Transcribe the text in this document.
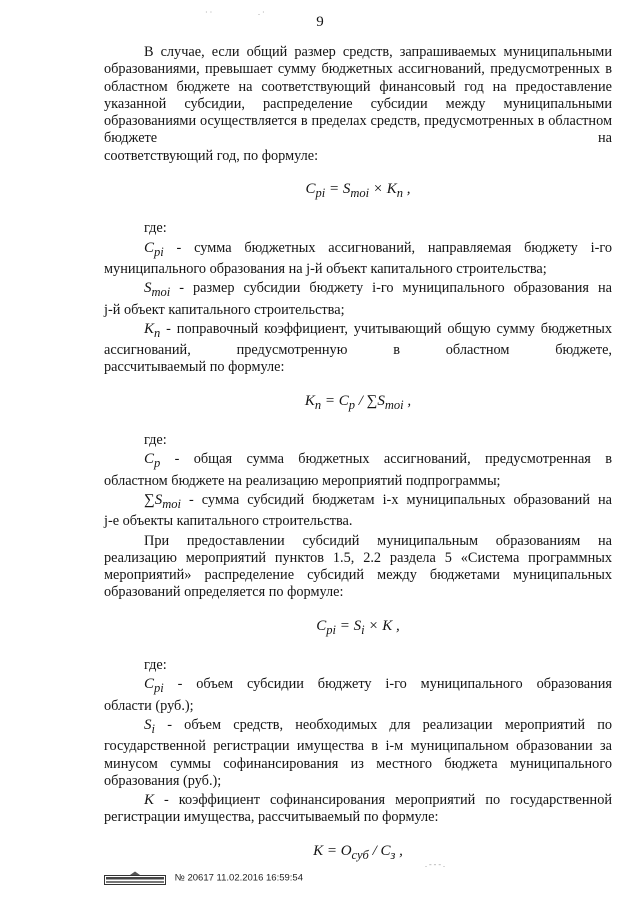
9
· ·	. ·

В случае, если общий размер средств, запрашиваемых муниципальными образованиями, превышает сумму бюджетных ассигнований, предусмотренных в областном бюджете на соответствующий финансовый год на предоставление указанной субсидии, распределение субсидии между муниципальными образованиями осуществляется в пределах средств, предусмотренных в областном бюджете на

соответствующий год, по формуле:

$C_{pi} = S_{moi} \times K_n$ ,

где:

$C_{pi}$ - сумма бюджетных ассигнований, направляемая бюджету i-го

муниципального образования на j-й объект капитального строительства;

$S_{moi}$ - размер субсидии бюджету i-го муниципального образования на

j-й объект капитального строительства;

$K_n$ - поправочный коэффициент, учитывающий общую сумму бюджетных ассигнований, предусмотренную в областном бюджете,

рассчитываемый по формуле:

$K_n = C_p / \sum S_{moi}$ ,

где:

$C_p$ - общая сумма бюджетных ассигнований, предусмотренная в

областном бюджете на реализацию мероприятий подпрограммы;

$\sum S_{moi}$ - сумма субсидий бюджетам i-х муниципальных образований на

j-е объекты капитального строительства.

При предоставлении субсидий муниципальным образованиям на реализацию мероприятий пунктов 1.5, 2.2 раздела 5 «Система программных мероприятий» распределение субсидий между бюджетами муниципальных

образований определяется по формуле:

$C_{pi} = S_i \times K$ ,

где:

$C_{pi}$ - объем субсидии бюджету i-го муниципального образования

области (руб.);

$S_i$ - объем средств, необходимых для реализации мероприятий по государственной регистрации имущества в i-м муниципальном образовании за минусом суммы софинансирования из местного бюджета муниципального

образования (руб.);

K - коэффициент софинансирования мероприятий по государственной

регистрации имущества, рассчитываемый по формуле:

$K = O_{суб} / C_з$ ,

. - - - .
№ 20617 11.02.2016 16:59:54
